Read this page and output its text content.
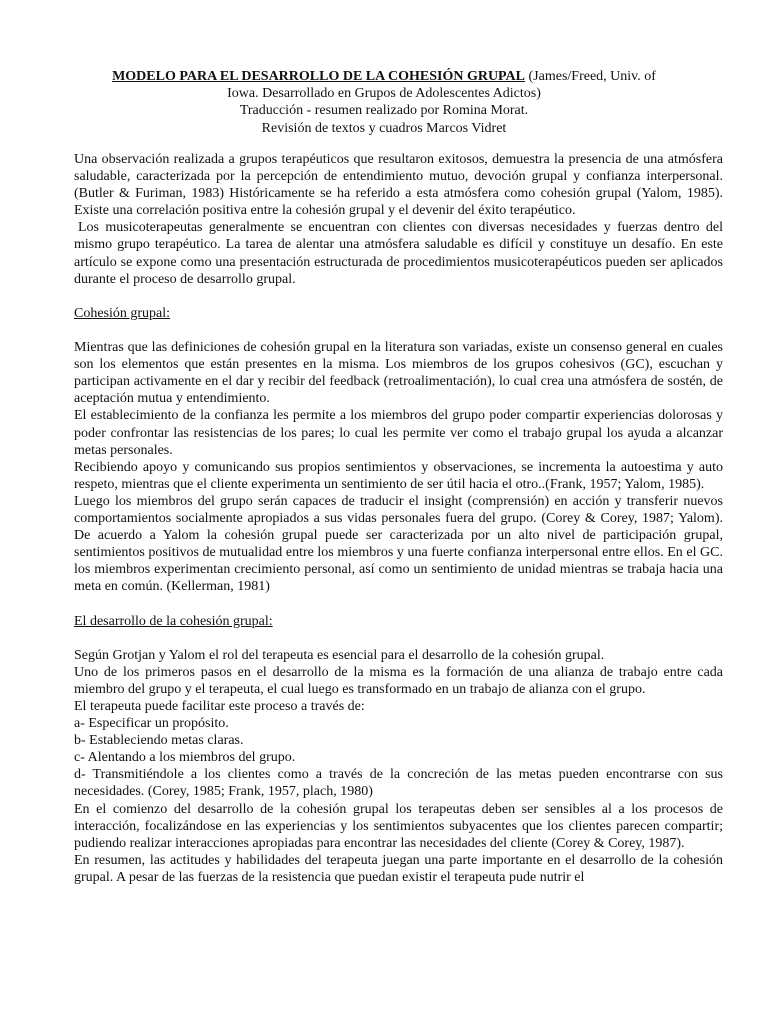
MODELO PARA EL DESARROLLO DE LA COHESIÓN GRUPAL (James/Freed, Univ. of
Iowa. Desarrollado en Grupos de Adolescentes Adictos)
Traducción - resumen realizado por Romina Morat.
Revisión de textos y cuadros Marcos Vidret

Una observación realizada a grupos terapéuticos que resultaron exitosos, demuestra la presencia de una atmósfera saludable, caracterizada por la percepción de entendimiento mutuo, devoción grupal y confianza interpersonal. (Butler & Furiman, 1983) Históricamente se ha referido a esta atmósfera como cohesión grupal (Yalom, 1985). Existe una correlación positiva entre la cohesión grupal y el devenir del éxito terapéutico.

Los musicoterapeutas generalmente se encuentran con clientes con diversas necesidades y fuerzas dentro del mismo grupo terapéutico. La tarea de alentar una atmósfera saludable es difícil y constituye un desafío. En este artículo se expone como una presentación estructurada de procedimientos musicoterapéuticos pueden ser aplicados durante el proceso de desarrollo grupal.

Cohesión grupal:

Mientras que las definiciones de cohesión grupal en la literatura son variadas, existe un consenso general en cuales son los elementos que están presentes en la misma. Los miembros de los grupos cohesivos (GC), escuchan y participan activamente en el dar y recibir del feedback (retroalimentación), lo cual crea una atmósfera de sostén, de aceptación mutua y entendimiento.

El establecimiento de la confianza les permite a los miembros del grupo poder compartir experiencias dolorosas y poder confrontar las resistencias de los pares; lo cual les permite ver como el trabajo grupal los ayuda a alcanzar metas personales.

Recibiendo apoyo y comunicando sus propios sentimientos y observaciones, se incrementa la autoestima y auto respeto, mientras que el cliente experimenta un sentimiento de ser útil hacia el otro..(Frank, 1957; Yalom, 1985).

Luego los miembros del grupo serán capaces de traducir el insight (comprensión) en acción y transferir nuevos comportamientos socialmente apropiados a sus vidas personales fuera del grupo. (Corey & Corey, 1987; Yalom). De acuerdo a Yalom la cohesión grupal puede ser caracterizada por un alto nivel de participación grupal, sentimientos positivos de mutualidad entre los miembros y una fuerte confianza interpersonal entre ellos. En el GC. los miembros experimentan crecimiento personal, así como un sentimiento de unidad mientras se trabaja hacia una meta en común. (Kellerman, 1981)

El desarrollo de la cohesión grupal:

Según Grotjan y Yalom el rol del terapeuta es esencial para el desarrollo de la cohesión grupal.

Uno de los primeros pasos en el desarrollo de la misma es la formación de una alianza de trabajo entre cada miembro del grupo y el terapeuta, el cual luego es transformado en un trabajo de alianza con el grupo.

El terapeuta puede facilitar este proceso a través de:

a- Especificar un propósito.

b- Estableciendo metas claras.

c- Alentando a los miembros del grupo.

d- Transmitiéndole a los clientes como a través de la concreción de las metas pueden encontrarse con sus necesidades. (Corey, 1985; Frank, 1957, plach, 1980)

En el comienzo del desarrollo de la cohesión grupal los terapeutas deben ser sensibles al a los procesos de interacción, focalizándose en las experiencias y los sentimientos subyacentes que los clientes parecen compartir; pudiendo realizar interacciones apropiadas para encontrar las necesidades del cliente (Corey & Corey, 1987).

En resumen, las actitudes y habilidades del terapeuta juegan una parte importante en el desarrollo de la cohesión grupal. A pesar de las fuerzas de la resistencia que puedan existir el terapeuta pude nutrir el
